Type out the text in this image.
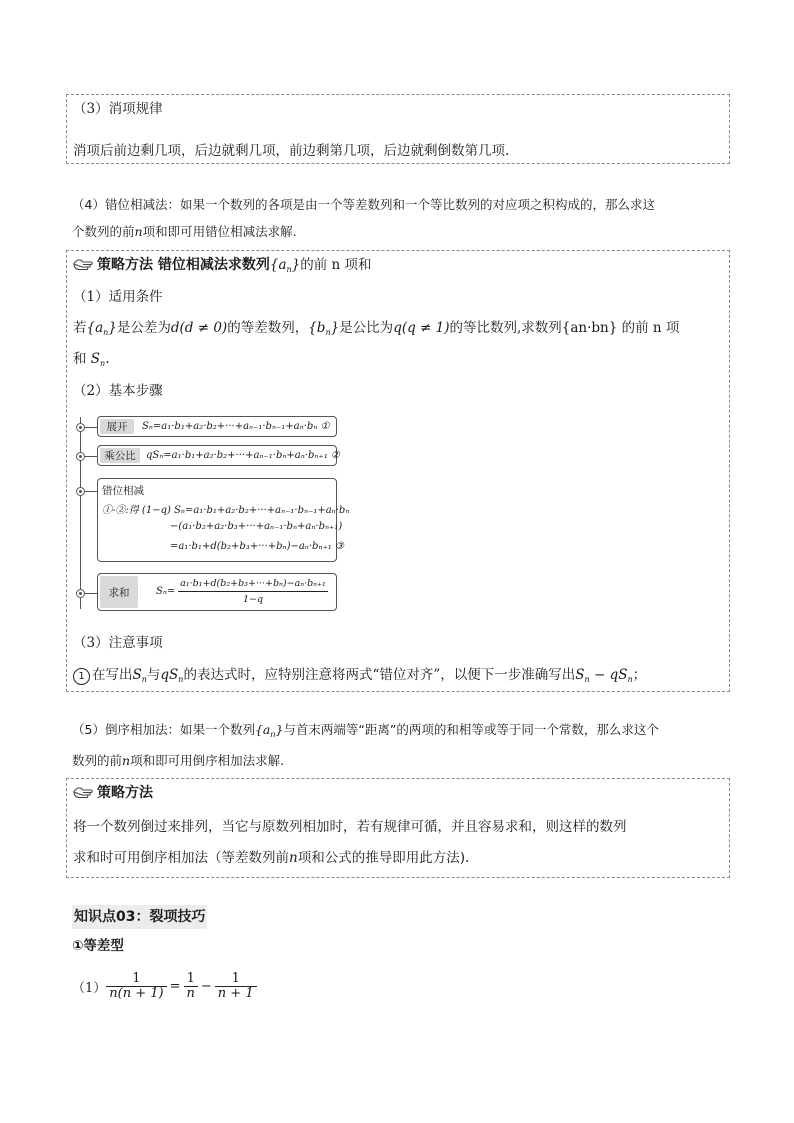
（3）消项规律
消项后前边剩几项，后边就剩几项，前边剩第几项，后边就剩倒数第几项.
（4）错位相减法：如果一个数列的各项是由一个等差数列和一个等比数列的对应项之积构成的，那么求这
个数列的前n项和即可用错位相减法求解.
策略方法 错位相减法求数列$\{a_n\}$的前 n 项和
（1）适用条件
若$\{a_n\}$是公差为d(d ≠ 0)的等差数列，$\{b_n\}$是公比为q(q ≠ 1)的等比数列,求数列{an·bn} 的前 n 项
和 $S_n$.
（2）基本步骤
展开	Sₙ=a₁·b₁+a₂·b₂+···+aₙ₋₁·bₙ₋₁+aₙ·bₙ ①
乘公比	qSₙ=a₁·b₁+a₂·b₂+···+aₙ₋₁·bₙ+aₙ·bₙ₊₁ ②
错位相减
①-②:得 (1−q) Sₙ=a₁·b₁+a₂·b₂+···+aₙ₋₁·bₙ₋₁+aₙ·bₙ
−(a₁·b₂+a₂·b₃+···+aₙ₋₁·bₙ+aₙ·bₙ₊₁)
=a₁·b₁+d(b₂+b₃+···+bₙ)−aₙ·bₙ₊₁ ③
求和	$S_n= \frac{\text{a₁·b₁+d(b₂+b₃+···+bₙ)−aₙ·bₙ₊₁}}{1-q}$
（3）注意事项
1 在写出$S_n$与$qS_n$的表达式时，应特别注意将两式“错位对齐”，以便下一步准确写出$S_n - qS_n$；
（5）倒序相加法：如果一个数列$\{a_n\}$与首末两端等“距离”的两项的和相等或等于同一个常数，那么求这个
数列的前n项和即可用倒序相加法求解.
策略方法
将一个数列倒过来排列，当它与原数列相加时，若有规律可循，并且容易求和，则这样的数列
求和时可用倒序相加法（等差数列前n项和公式的推导即用此方法).
知识点03：裂项技巧
①等差型
$(1) \frac{1}{n(n + 1)} = \frac{1}{n} - \frac{1}{n + 1}$
